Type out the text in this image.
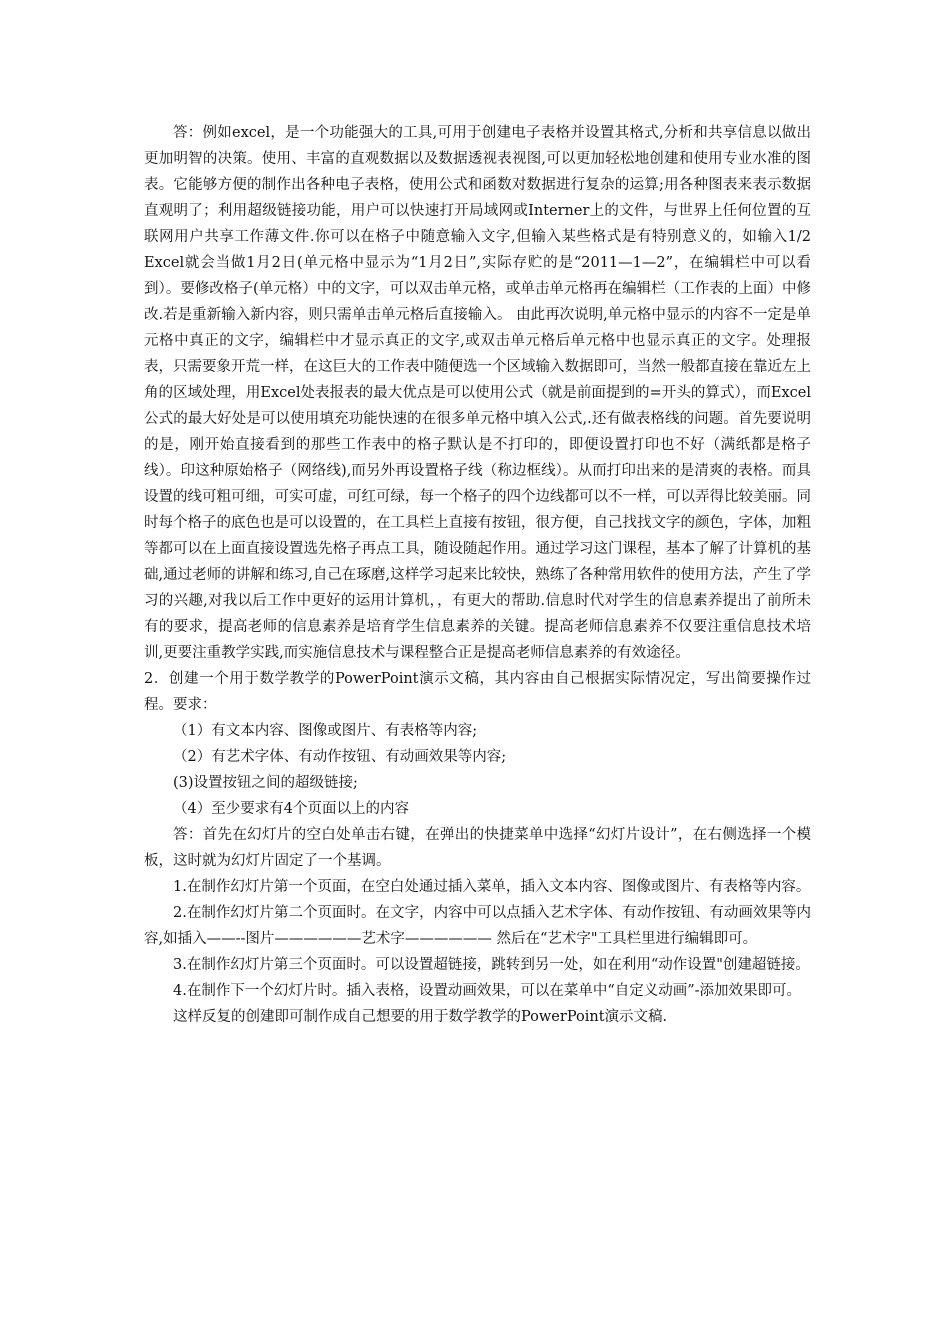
答：例如excel，是一个功能强大的工具,可用于创建电子表格并设置其格式,分析和共享信息以做出更加明智的决策。使用、丰富的直观数据以及数据透视表视图,可以更加轻松地创建和使用专业水准的图表。它能够方便的制作出各种电子表格，使用公式和函数对数据进行复杂的运算;用各种图表来表示数据直观明了；利用超级链接功能，用户可以快速打开局域网或Interner上的文件，与世界上任何位置的互联网用户共享工作薄文件.你可以在格子中随意输入文字,但输入某些格式是有特别意义的，如输入1/2 Excel就会当做1月2日(单元格中显示为“1月2日”,实际存贮的是“2011—1—2”，在编辑栏中可以看到）。要修改格子(单元格）中的文字，可以双击单元格，或单击单元格再在编辑栏（工作表的上面）中修改.若是重新输入新内容，则只需单击单元格后直接输入。 由此再次说明,单元格中显示的内容不一定是单元格中真正的文字，编辑栏中才显示真正的文字,或双击单元格后单元格中也显示真正的文字。处理报表，只需要象开荒一样，在这巨大的工作表中随便选一个区域输入数据即可，当然一般都直接在靠近左上角的区域处理，用Excel处表报表的最大优点是可以使用公式（就是前面提到的=开头的算式），而Excel公式的最大好处是可以使用填充功能快速的在很多单元格中填入公式,.还有做表格线的问题。首先要说明的是，刚开始直接看到的那些工作表中的格子默认是不打印的，即便设置打印也不好（满纸都是格子线）。印这种原始格子（网络线),而另外再设置格子线（称边框线）。从而打印出来的是清爽的表格。而具设置的线可粗可细，可实可虚，可红可绿，每一个格子的四个边线都可以不一样，可以弄得比较美丽。同时每个格子的底色也是可以设置的，在工具栏上直接有按钮，很方便，自己找找文字的颜色，字体，加粗等都可以在上面直接设置选先格子再点工具，随设随起作用。通过学习这门课程，基本了解了计算机的基础,通过老师的讲解和练习,自己在琢磨,这样学习起来比较快，熟练了各种常用软件的使用方法，产生了学习的兴趣,对我以后工作中更好的运用计算机，，有更大的帮助.信息时代对学生的信息素养提出了前所未有的要求，提高老师的信息素养是培育学生信息素养的关键。提高老师信息素养不仅要注重信息技术培训,更要注重教学实践,而实施信息技术与课程整合正是提高老师信息素养的有效途径。

2．创建一个用于数学教学的PowerPoint演示文稿，其内容由自己根据实际情况定，写出简要操作过程。要求：

（1）有文本内容、图像或图片、有表格等内容;

（2）有艺术字体、有动作按钮、有动画效果等内容;

(3)设置按钮之间的超级链接;

（4）至少要求有4个页面以上的内容

答：首先在幻灯片的空白处单击右键，在弹出的快捷菜单中选择“幻灯片设计”，在右侧选择一个模板，这时就为幻灯片固定了一个基调。

1.在制作幻灯片第一个页面，在空白处通过插入菜单，插入文本内容、图像或图片、有表格等内容。

2.在制作幻灯片第二个页面时。在文字，内容中可以点插入艺术字体、有动作按钮、有动画效果等内容,如插入——--图片——————艺术字—————— 然后在“艺术字"工具栏里进行编辑即可。

3.在制作幻灯片第三个页面时。可以设置超链接，跳转到另一处，如在利用“动作设置"创建超链接。

4.在制作下一个幻灯片时。插入表格，设置动画效果，可以在菜单中“自定义动画”-添加效果即可。

这样反复的创建即可制作成自己想要的用于数学教学的PowerPoint演示文稿.
